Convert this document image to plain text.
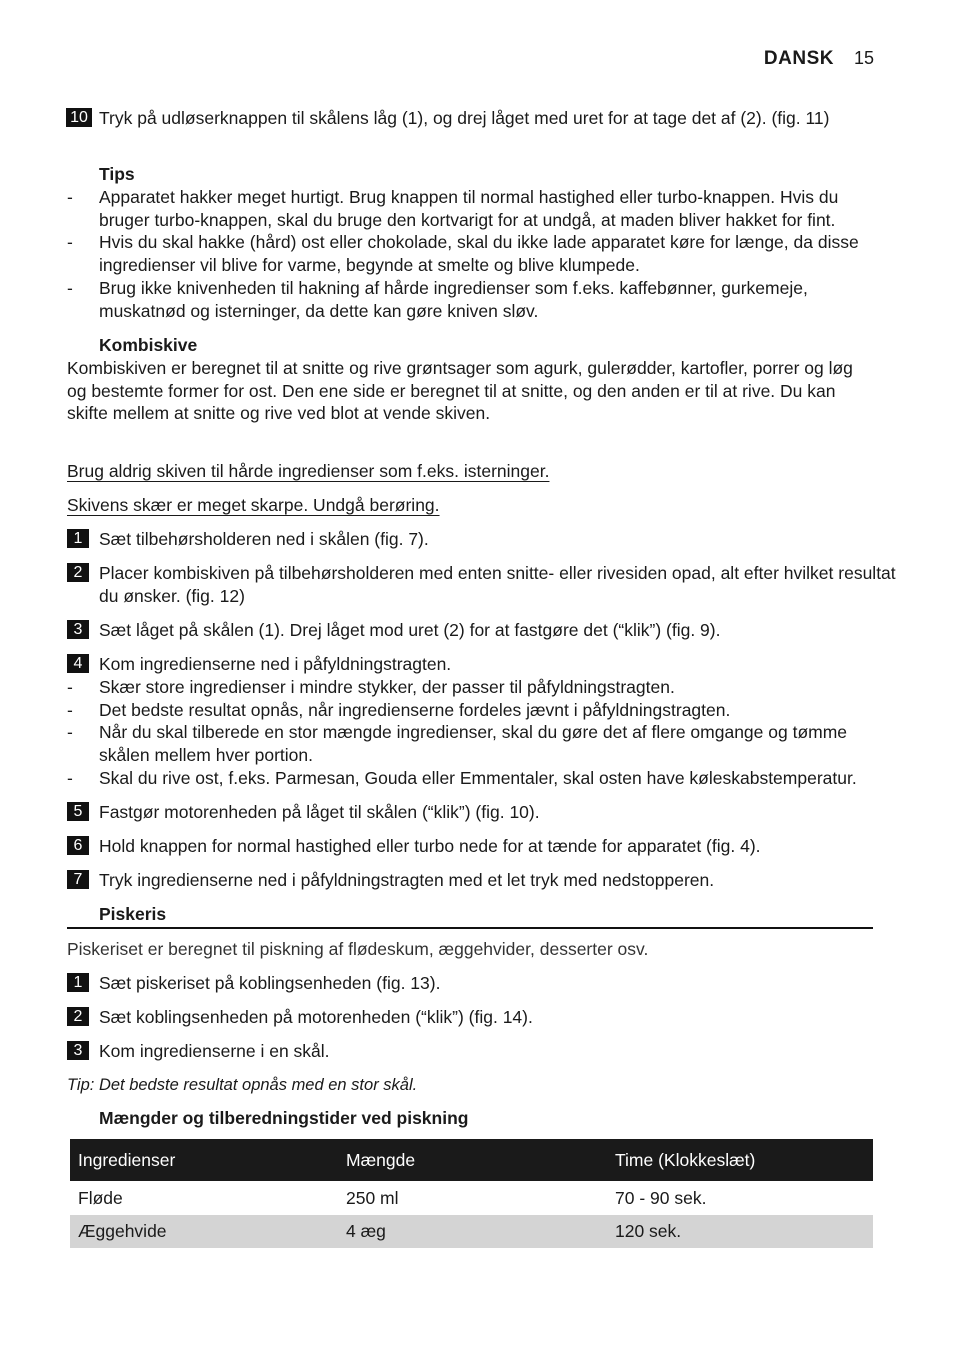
DANSK 15
10 Tryk på udløserknappen til skålens låg (1), og drej låget med uret for at tage det af (2). (fig. 11)
Tips
- Apparatet hakker meget hurtigt. Brug knappen til normal hastighed eller turbo-knappen. Hvis du bruger turbo-knappen, skal du bruge den kortvarigt for at undgå, at maden bliver hakket for fint.
- Hvis du skal hakke (hård) ost eller chokolade, skal du ikke lade apparatet køre for længe, da disse ingredienser vil blive for varme, begynde at smelte og blive klumpede.
- Brug ikke knivenheden til hakning af hårde ingredienser som f.eks. kaffebønner, gurkemeje, muskatnød og isterninger, da dette kan gøre kniven sløv.
Kombiskive
Kombiskiven er beregnet til at snitte og rive grøntsager som agurk, gulerødder, kartofler, porrer og løg og bestemte former for ost. Den ene side er beregnet til at snitte, og den anden er til at rive. Du kan skifte mellem at snitte og rive ved blot at vende skiven.
Brug aldrig skiven til hårde ingredienser som f.eks. isterninger.
Skivens skær er meget skarpe. Undgå berøring.
1 Sæt tilbehørsholderen ned i skålen (fig. 7).
2 Placer kombiskiven på tilbehørsholderen med enten snitte- eller rivesiden opad, alt efter hvilket resultat du ønsker. (fig. 12)
3 Sæt låget på skålen (1). Drej låget mod uret (2) for at fastgøre det (“klik”) (fig. 9).
4 Kom ingredienserne ned i påfyldningstragten.
- Skær store ingredienser i mindre stykker, der passer til påfyldningstragten.
- Det bedste resultat opnås, når ingredienserne fordeles jævnt i påfyldningstragten.
- Når du skal tilberede en stor mængde ingredienser, skal du gøre det af flere omgange og tømme skålen mellem hver portion.
- Skal du rive ost, f.eks. Parmesan, Gouda eller Emmentaler, skal osten have køleskabstemperatur.
5 Fastgør motorenheden på låget til skålen (“klik”) (fig. 10).
6 Hold knappen for normal hastighed eller turbo nede for at tænde for apparatet (fig. 4).
7 Tryk ingredienserne ned i påfyldningstragten med et let tryk med nedstopperen.
Piskeris
Piskeriset er beregnet til piskning af flødeskum, æggehvider, desserter osv.
1 Sæt piskeriset på koblingsenheden (fig. 13).
2 Sæt koblingsenheden på motorenheden (“klik”) (fig. 14).
3 Kom ingredienserne i en skål.
Tip: Det bedste resultat opnås med en stor skål.
Mængder og tilberedningstider ved piskning
Ingredienser	Mængde	Time (Klokkeslæt)
Fløde	250 ml	70 - 90 sek.
Æggehvide	4 æg	120 sek.
